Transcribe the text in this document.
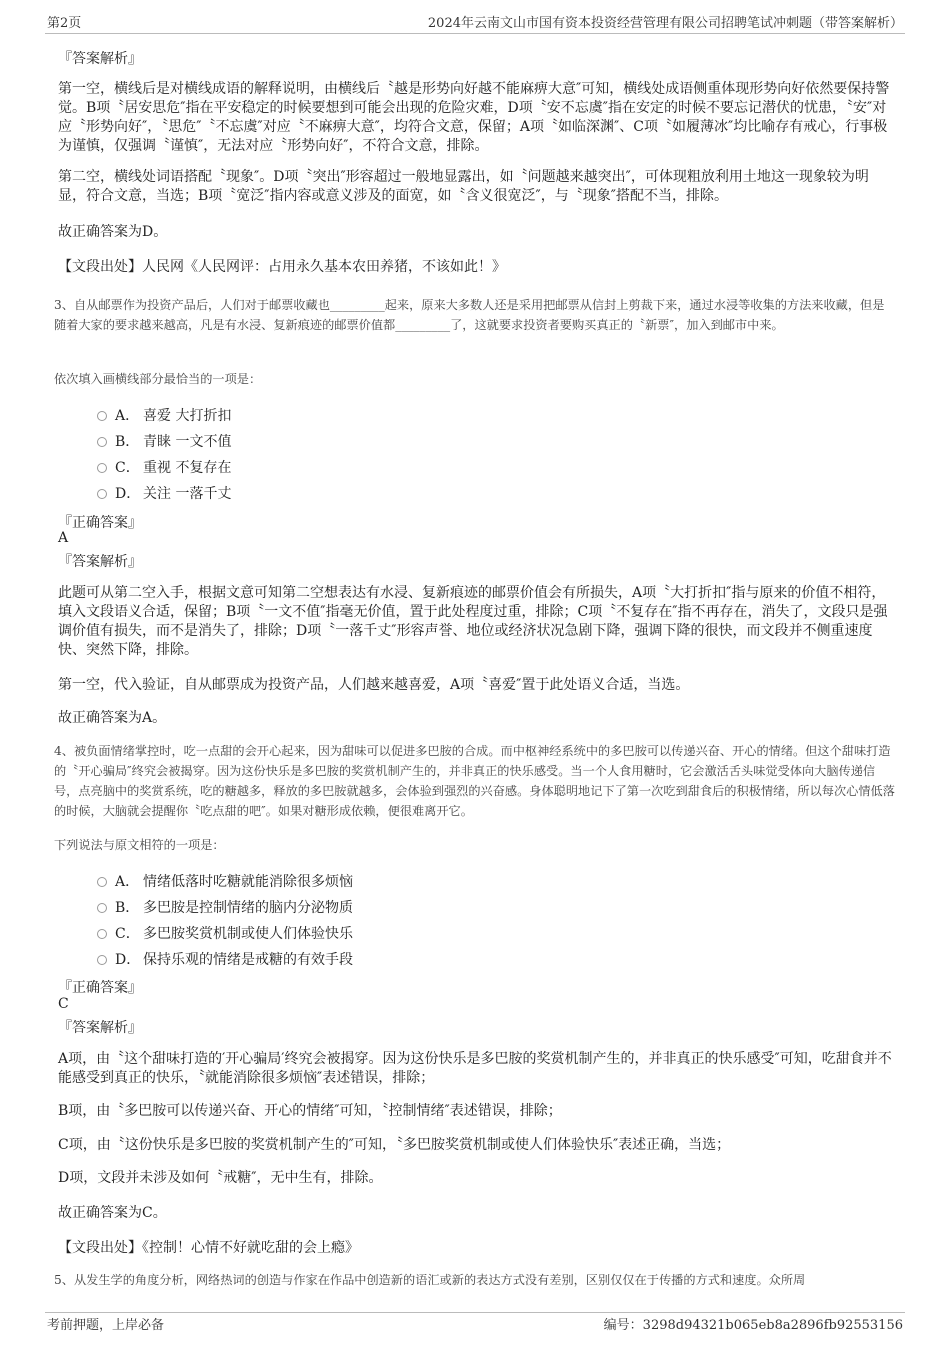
第2页	2024年云南文山市国有资本投资经营管理有限公司招聘笔试冲刺题（带答案解析）
『答案解析』
第一空，横线后是对横线成语的解释说明，由横线后〝越是形势向好越不能麻痹大意″可知，横线处成语侧重体现形势向好依然要保持警觉。B项〝居安思危″指在平安稳定的时候要想到可能会出现的危险灾难，D项〝安不忘虞″指在安定的时候不要忘记潜伏的忧患，〝安″对应〝形势向好″，〝思危″〝不忘虞″对应〝不麻痹大意″，均符合文意，保留；A项〝如临深渊″、C项〝如履薄冰″均比喻存有戒心，行事极为谨慎，仅强调〝谨慎″，无法对应〝形势向好″，不符合文意，排除。
第二空，横线处词语搭配〝现象″。D项〝突出″形容超过一般地显露出，如〝问题越来越突出″，可体现粗放利用土地这一现象较为明显，符合文意，当选；B项〝宽泛″指内容或意义涉及的面宽，如〝含义很宽泛″，与〝现象″搭配不当，排除。
故正确答案为D。
【文段出处】人民网《人民网评：占用永久基本农田养猪，不该如此！》
3、自从邮票作为投资产品后，人们对于邮票收藏也_________起来，原来大多数人还是采用把邮票从信封上剪裁下来，通过水浸等收集的方法来收藏，但是随着大家的要求越来越高，凡是有水浸、复新痕迹的邮票价值都_________了，这就要求投资者要购买真正的〝新票″，加入到邮市中来。
依次填入画横线部分最恰当的一项是：
A． 喜爱 大打折扣
B． 青睐 一文不值
C． 重视 不复存在
D． 关注 一落千丈
『正确答案』
A
『答案解析』
此题可从第二空入手，根据文意可知第二空想表达有水浸、复新痕迹的邮票价值会有所损失，A项〝大打折扣″指与原来的价值不相符，填入文段语义合适，保留；B项〝一文不值″指毫无价值，置于此处程度过重，排除；C项〝不复存在″指不再存在，消失了，文段只是强调价值有损失，而不是消失了，排除；D项〝一落千丈″形容声誉、地位或经济状况急剧下降，强调下降的很快，而文段并不侧重速度快、突然下降，排除。
第一空，代入验证，自从邮票成为投资产品，人们越来越喜爱，A项〝喜爱″置于此处语义合适，当选。
故正确答案为A。
4、被负面情绪掌控时，吃一点甜的会开心起来，因为甜味可以促进多巴胺的合成。而中枢神经系统中的多巴胺可以传递兴奋、开心的情绪。但这个甜味打造的〝开心骗局″终究会被揭穿。因为这份快乐是多巴胺的奖赏机制产生的，并非真正的快乐感受。当一个人食用糖时，它会激活舌头味觉受体向大脑传递信号，点亮脑中的奖赏系统，吃的糖越多，释放的多巴胺就越多，会体验到强烈的兴奋感。身体聪明地记下了第一次吃到甜食后的积极情绪，所以每次心情低落的时候，大脑就会提醒你〝吃点甜的吧″。如果对糖形成依赖，便很难离开它。
下列说法与原文相符的一项是：
A． 情绪低落时吃糖就能消除很多烦恼
B． 多巴胺是控制情绪的脑内分泌物质
C． 多巴胺奖赏机制或使人们体验快乐
D． 保持乐观的情绪是戒糖的有效手段
『正确答案』
C
『答案解析』
A项，由〝这个甜味打造的′开心骗局′终究会被揭穿。因为这份快乐是多巴胺的奖赏机制产生的，并非真正的快乐感受″可知，吃甜食并不能感受到真正的快乐，〝就能消除很多烦恼″表述错误，排除；
B项，由〝多巴胺可以传递兴奋、开心的情绪″可知，〝控制情绪″表述错误，排除；
C项，由〝这份快乐是多巴胺的奖赏机制产生的″可知，〝多巴胺奖赏机制或使人们体验快乐″表述正确，当选；
D项，文段并未涉及如何〝戒糖″，无中生有，排除。
故正确答案为C。
【文段出处】《控制！心情不好就吃甜的会上瘾》
5、从发生学的角度分析，网络热词的创造与作家在作品中创造新的语汇或新的表达方式没有差别，区别仅仅在于传播的方式和速度。众所周
考前押题，上岸必备	编号：3298d94321b065eb8a2896fb92553156
